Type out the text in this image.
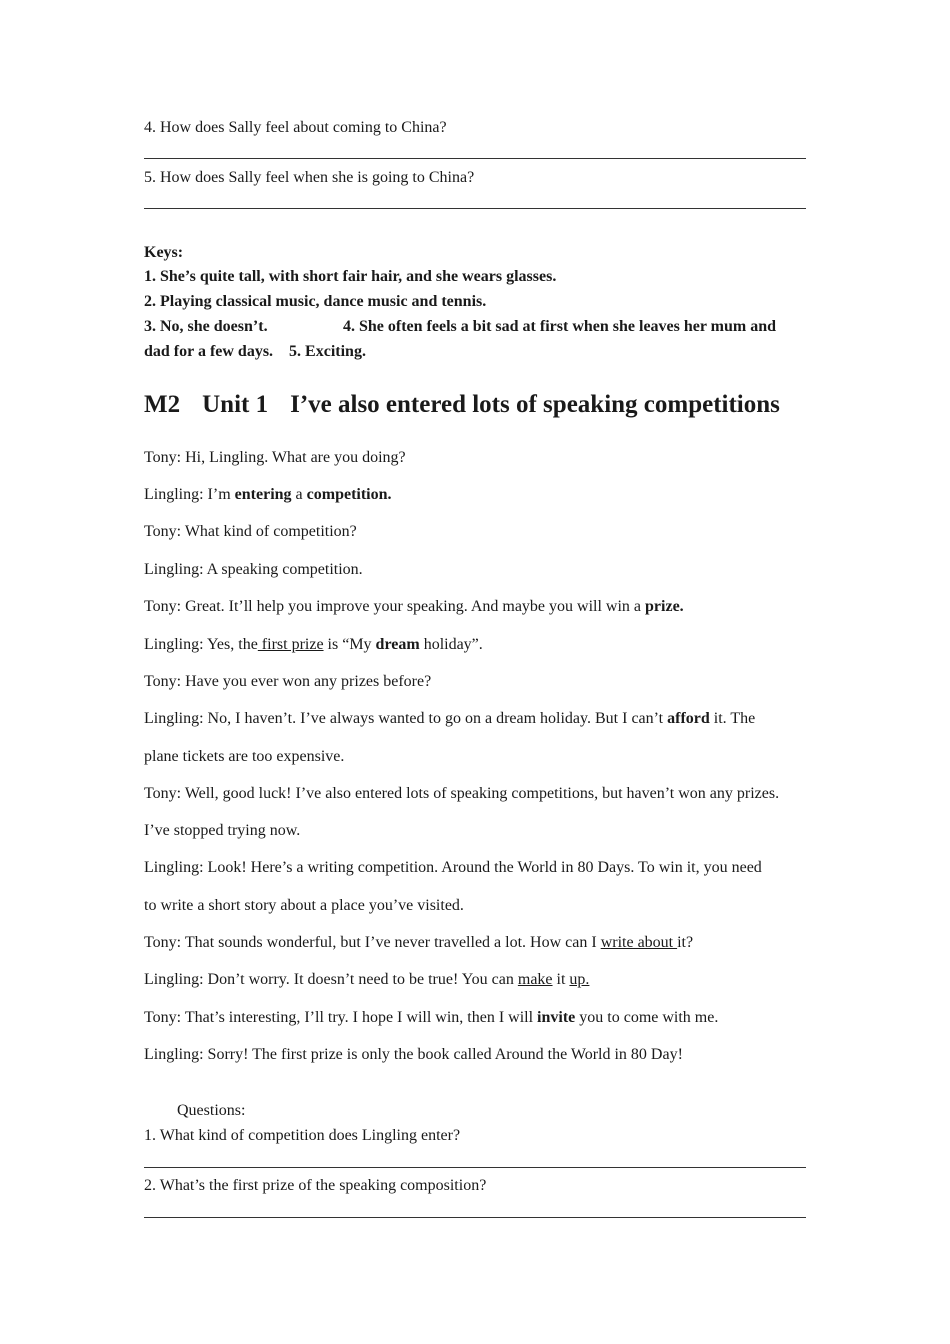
4. How does Sally feel about coming to China?
5. How does Sally feel when she is going to China?
Keys:
1. She’s quite tall, with short fair hair, and she wears glasses.
2. Playing classical music, dance music and tennis.
3. No, she doesn’t.	4. She often feels a bit sad at first when she leaves her mum and
dad for a few days. 5. Exciting.
M2 Unit 1 I’ve also entered lots of speaking competitions
Tony: Hi, Lingling. What are you doing?
Lingling: I’m entering a competition.
Tony: What kind of competition?
Lingling: A speaking competition.
Tony: Great. It’ll help you improve your speaking. And maybe you will win a prize.
Lingling: Yes, the first prize is “My dream holiday”.
Tony: Have you ever won any prizes before?
Lingling: No, I haven’t. I’ve always wanted to go on a dream holiday. But I can’t afford it. The
plane tickets are too expensive.
Tony: Well, good luck! I’ve also entered lots of speaking competitions, but haven’t won any prizes.
I’ve stopped trying now.
Lingling: Look! Here’s a writing competition. Around the World in 80 Days. To win it, you need
to write a short story about a place you’ve visited.
Tony: That sounds wonderful, but I’ve never travelled a lot. How can I write about it?
Lingling: Don’t worry. It doesn’t need to be true! You can make it up.
Tony: That’s interesting, I’ll try. I hope I will win, then I will invite you to come with me.
Lingling: Sorry! The first prize is only the book called Around the World in 80 Day!
Questions:
1. What kind of competition does Lingling enter?
2. What’s the first prize of the speaking composition?
